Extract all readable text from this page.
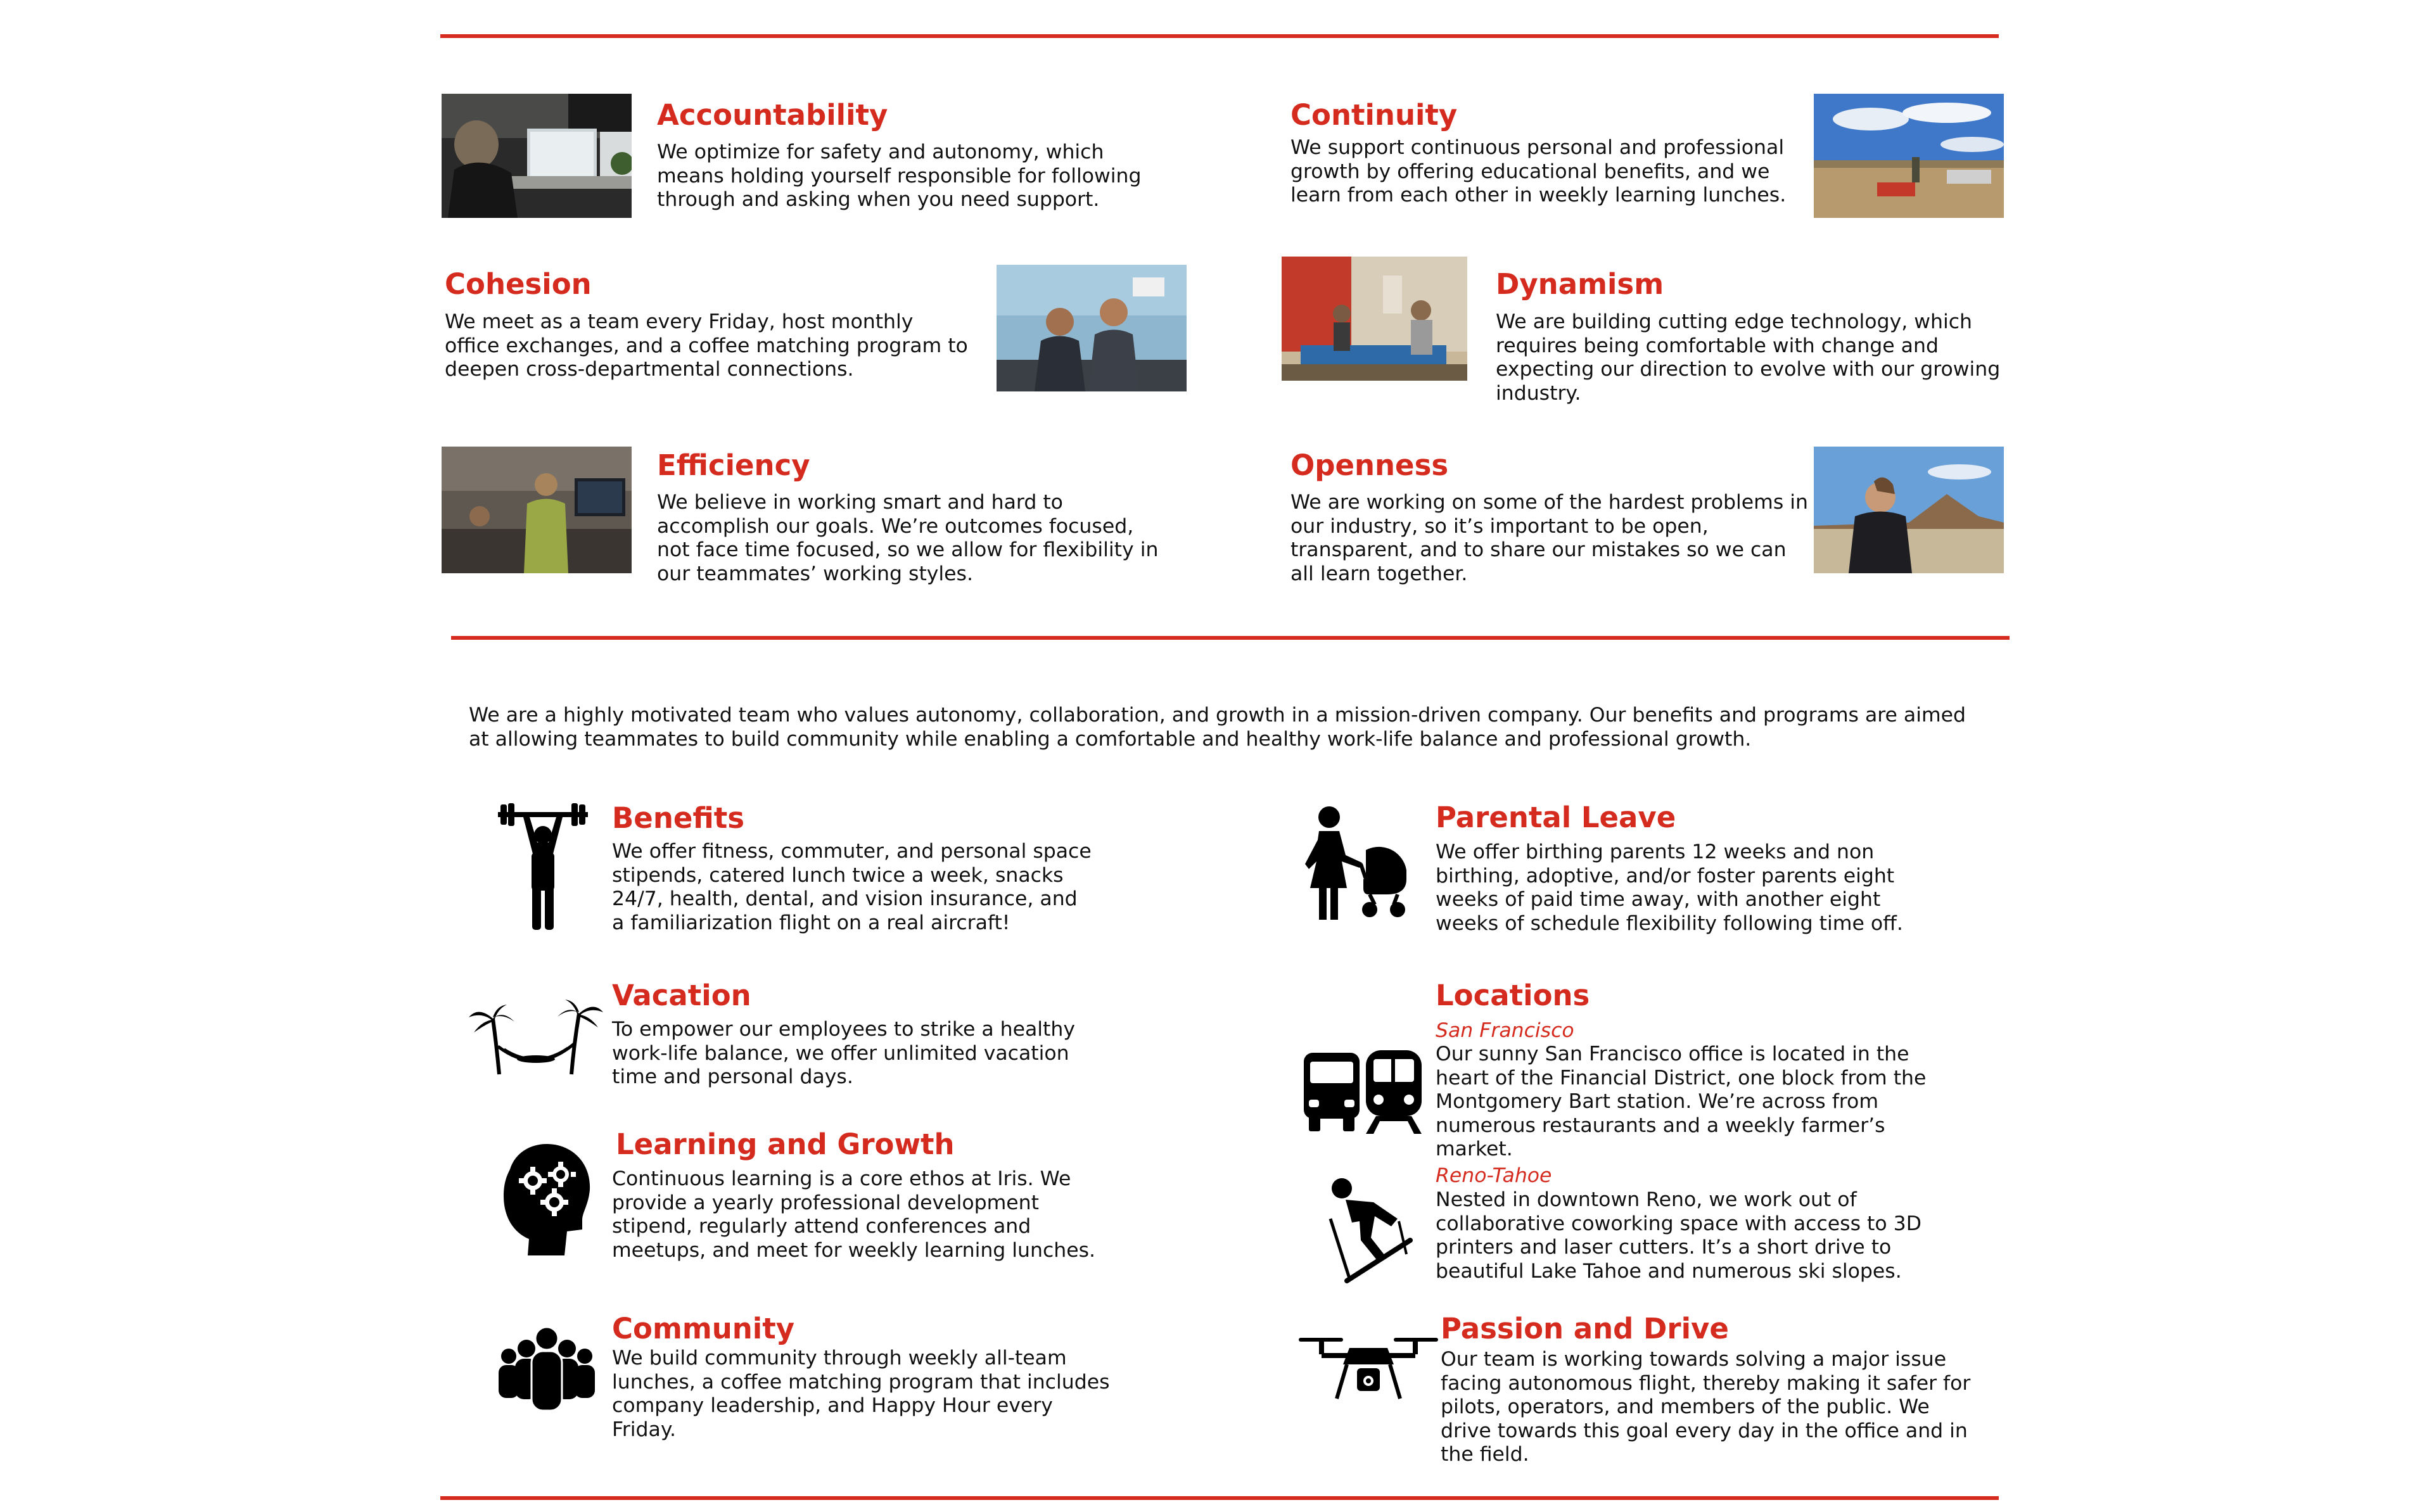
Accountability
We optimize for safety and autonomy, which means holding yourself responsible for following through and asking when you need support.
Continuity
We support continuous personal and professional growth by offering educational benefits, and we learn from each other in weekly learning lunches.
Cohesion
We meet as a team every Friday, host monthly office exchanges, and a coffee matching program to deepen cross-departmental connections.
Dynamism
We are building cutting edge technology, which requires being comfortable with change and expecting our direction to evolve with our growing industry.
Efficiency
We believe in working smart and hard to accomplish our goals. We’re outcomes focused, not face time focused, so we allow for flexibility in our teammates’ working styles.
Openness
We are working on some of the hardest problems in our industry, so it’s important to be open, transparent, and to share our mistakes so we can all learn together.
We are a highly motivated team who values autonomy, collaboration, and growth in a mission-driven company. Our benefits and programs are aimed at allowing teammates to build community while enabling a comfortable and healthy work-life balance and professional growth.
Benefits
We offer fitness, commuter, and personal space stipends, catered lunch twice a week, snacks 24/7, health, dental, and vision insurance, and a familiarization flight on a real aircraft!
Vacation
To empower our employees to strike a healthy work-life balance, we offer unlimited vacation time and personal days.
Learning and Growth
Continuous learning is a core ethos at Iris. We provide a yearly professional development stipend, regularly attend conferences and meetups, and meet for weekly learning lunches.
Community
We build community through weekly all-team lunches, a coffee matching program that includes company leadership, and Happy Hour every Friday.
Parental Leave
We offer birthing parents 12 weeks and non birthing, adoptive, and/or foster parents eight weeks of paid time away, with another eight weeks of schedule flexibility following time off.
Locations
San Francisco
Our sunny San Francisco office is located in the heart of the Financial District, one block from the Montgomery Bart station. We’re across from numerous restaurants and a weekly farmer’s market.
Reno-Tahoe
Nested in downtown Reno, we work out of collaborative coworking space with access to 3D printers and laser cutters. It’s a short drive to beautiful Lake Tahoe and numerous ski slopes.
Passion and Drive
Our team is working towards solving a major issue facing autonomous flight, thereby making it safer for pilots, operators, and members of the public. We drive towards this goal every day in the office and in the field.
